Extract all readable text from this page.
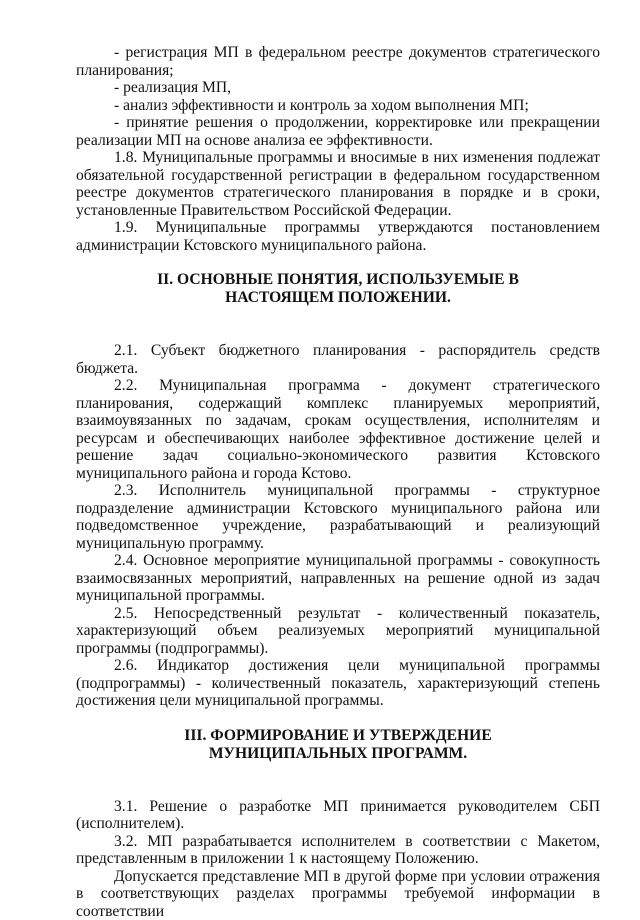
- регистрация МП в федеральном реестре документов стратегического планирования;

- реализация МП,

- анализ эффективности и контроль за ходом выполнения МП;

- принятие решения о продолжении, корректировке или прекращении реализации МП на основе анализа ее эффективности.

1.8. Муниципальные программы и вносимые в них изменения подлежат обязательной государственной регистрации в федеральном государственном реестре документов стратегического планирования в порядке и в сроки, установленные Правительством Российской Федерации.

1.9. Муниципальные программы утверждаются постановлением администрации Кстовского муниципального района.

II. ОСНОВНЫЕ ПОНЯТИЯ, ИСПОЛЬЗУЕМЫЕ В НАСТОЯЩЕМ ПОЛОЖЕНИИ.

2.1. Субъект бюджетного планирования - распорядитель средств бюджета.

2.2. Муниципальная программа - документ стратегического планирования, содержащий комплекс планируемых мероприятий, взаимоувязанных по задачам, срокам осуществления, исполнителям и ресурсам и обеспечивающих наиболее эффективное достижение целей и решение задач социально-экономического развития Кстовского муниципального района и города Кстово.

2.3. Исполнитель муниципальной программы - структурное подразделение администрации Кстовского муниципального района или подведомственное учреждение, разрабатывающий и реализующий муниципальную программу.

2.4. Основное мероприятие муниципальной программы - совокупность взаимосвязанных мероприятий, направленных на решение одной из задач муниципальной программы.

2.5. Непосредственный результат - количественный показатель, характеризующий объем реализуемых мероприятий муниципальной программы (подпрограммы).

2.6. Индикатор достижения цели муниципальной программы (подпрограммы) - количественный показатель, характеризующий степень достижения цели муниципальной программы.

III. ФОРМИРОВАНИЕ И УТВЕРЖДЕНИЕ МУНИЦИПАЛЬНЫХ ПРОГРАММ.

3.1. Решение о разработке МП принимается руководителем СБП (исполнителем).

3.2. МП разрабатывается исполнителем в соответствии с Макетом, представленным в приложении 1 к настоящему Положению.

Допускается представление МП в другой форме при условии отражения в соответствующих разделах программы требуемой информации в соответствии
